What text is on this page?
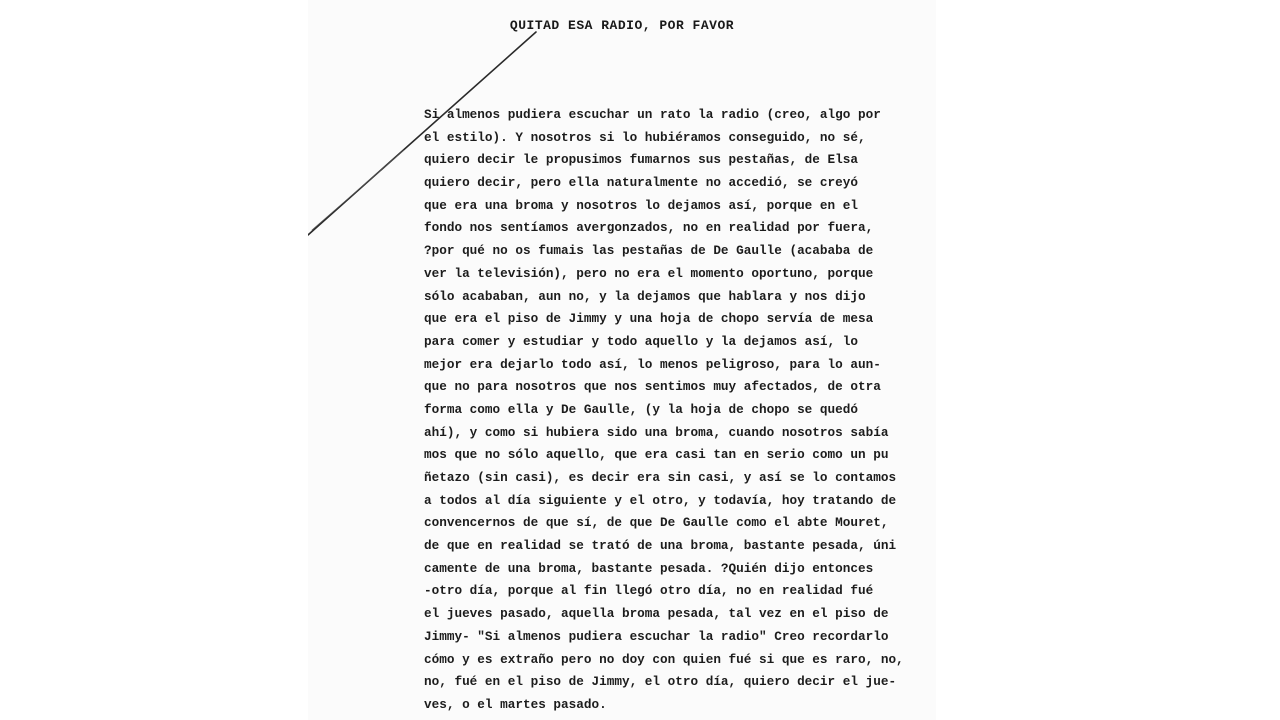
QUITAD ESA RADIO, POR FAVOR
Si almenos pudiera escuchar un rato la radio (creo, algo por
el estilo). Y nosotros si lo hubiéramos conseguido, no sé,
quiero decir le propusimos fumarnos sus pestañas, de Elsa
quiero decir, pero ella naturalmente no accedió, se creyó
que era una broma y nosotros lo dejamos así, porque en el
fondo nos sentíamos avergonzados, no en realidad por fuera,
?por qué no os fumais las pestañas de De Gaulle (acababa de
ver la televisión), pero no era el momento oportuno, porque
sólo acababan, aun no, y la dejamos que hablara y nos dijo
que era el piso de Jimmy y una hoja de chopo servía de mesa
para comer y estudiar y todo aquello y la dejamos así, lo
mejor era dejarlo todo así, lo menos peligroso, para lo aun-
que no para nosotros que nos sentimos muy afectados, de otra
forma como ella y De Gaulle, (y la hoja de chopo se quedó
ahí), y como si hubiera sido una broma, cuando nosotros sabía
mos que no sólo aquello, que era casi tan en serio como un pu
ñetazo (sin casi), es decir era sin casi, y así se lo contamos
a todos al día siguiente y el otro, y todavía, hoy tratando de
convencernos de que sí, de que De Gaulle como el abte Mouret,
de que en realidad se trató de una broma, bastante pesada, úni
camente de una broma, bastante pesada. ?Quién dijo entonces
-otro día, porque al fin llegó otro día, no en realidad fué
el jueves pasado, aquella broma pesada, tal vez en el piso de
Jimmy- "Si almenos pudiera escuchar la radio" Creo recordarlo
cómo y es extraño pero no doy con quien fué si que es raro, no,
no, fué en el piso de Jimmy, el otro día, quiero decir el jue-
ves, o el martes pasado.
